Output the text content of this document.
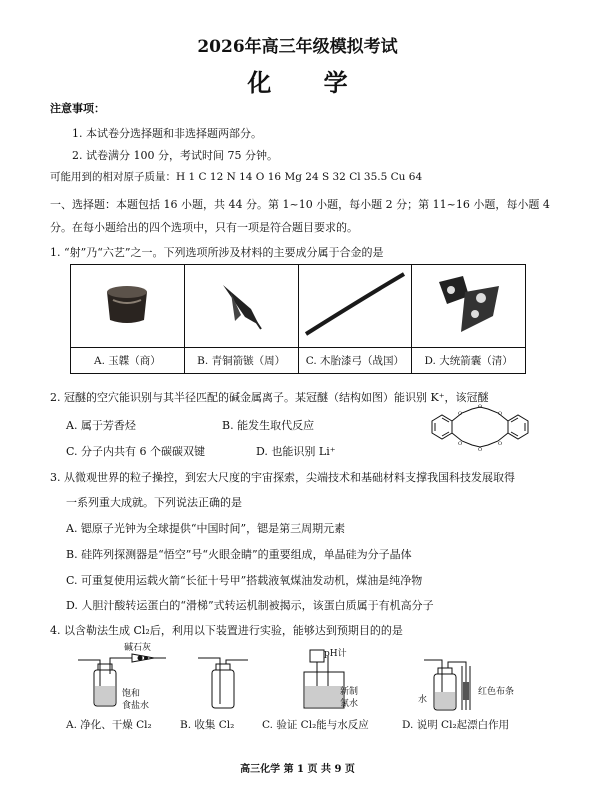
2026年高三年级模拟考试
化 学
注意事项：
1. 本试卷分选择题和非选择题两部分。
2. 试卷满分 100 分，考试时间 75 分钟。
可能用到的相对原子质量：H 1 C 12 N 14 O 16 Mg 24 S 32 Cl 35.5 Cu 64
一、选择题：本题包括 16 小题，共 44 分。第 1~10 小题，每小题 2 分；第 11~16 小题，每小题 4
分。在每小题给出的四个选项中，只有一项是符合题目要求的。
1. “射”乃“六艺”之一。下列选项所涉及材料的主要成分属于合金的是

A. 玉韘（商）	B. 青铜箭镞（周）	C. 木胎漆弓（战国）	D. 大统箭囊（清）
2. 冠醚的空穴能识别与其半径匹配的碱金属离子。某冠醚（结构如图）能识别 K⁺，该冠醚
A. 属于芳香烃	B. 能发生取代反应
C. 分子内共有 6 个碳碳双键	D. 也能识别 Li⁺
O
O
O
O
O
O
3. 从微观世界的粒子操控，到宏大尺度的宇宙探索，尖端技术和基础材料支撑我国科技发展取得
一系列重大成就。下列说法正确的是
A. 锶原子光钟为全球提供“中国时间”，锶是第三周期元素
B. 硅阵列探测器是“悟空”号“火眼金睛”的重要组成，单晶硅为分子晶体
C. 可重复使用运载火箭“长征十号甲”搭载液氧煤油发动机，煤油是纯净物
D. 人胆汁酸转运蛋白的“滑梯”式转运机制被揭示，该蛋白质属于有机高分子
4. 以含勒法生成 Cl₂后，利用以下装置进行实验，能够达到预期目的的是
碱石灰
饱和
食盐水
pH计
新制
氯水	水
红色布条
A. 净化、干燥 Cl₂	B. 收集 Cl₂	C. 验证 Cl₂能与水反应	D. 说明 Cl₂起漂白作用
高三化学 第 1 页 共 9 页
